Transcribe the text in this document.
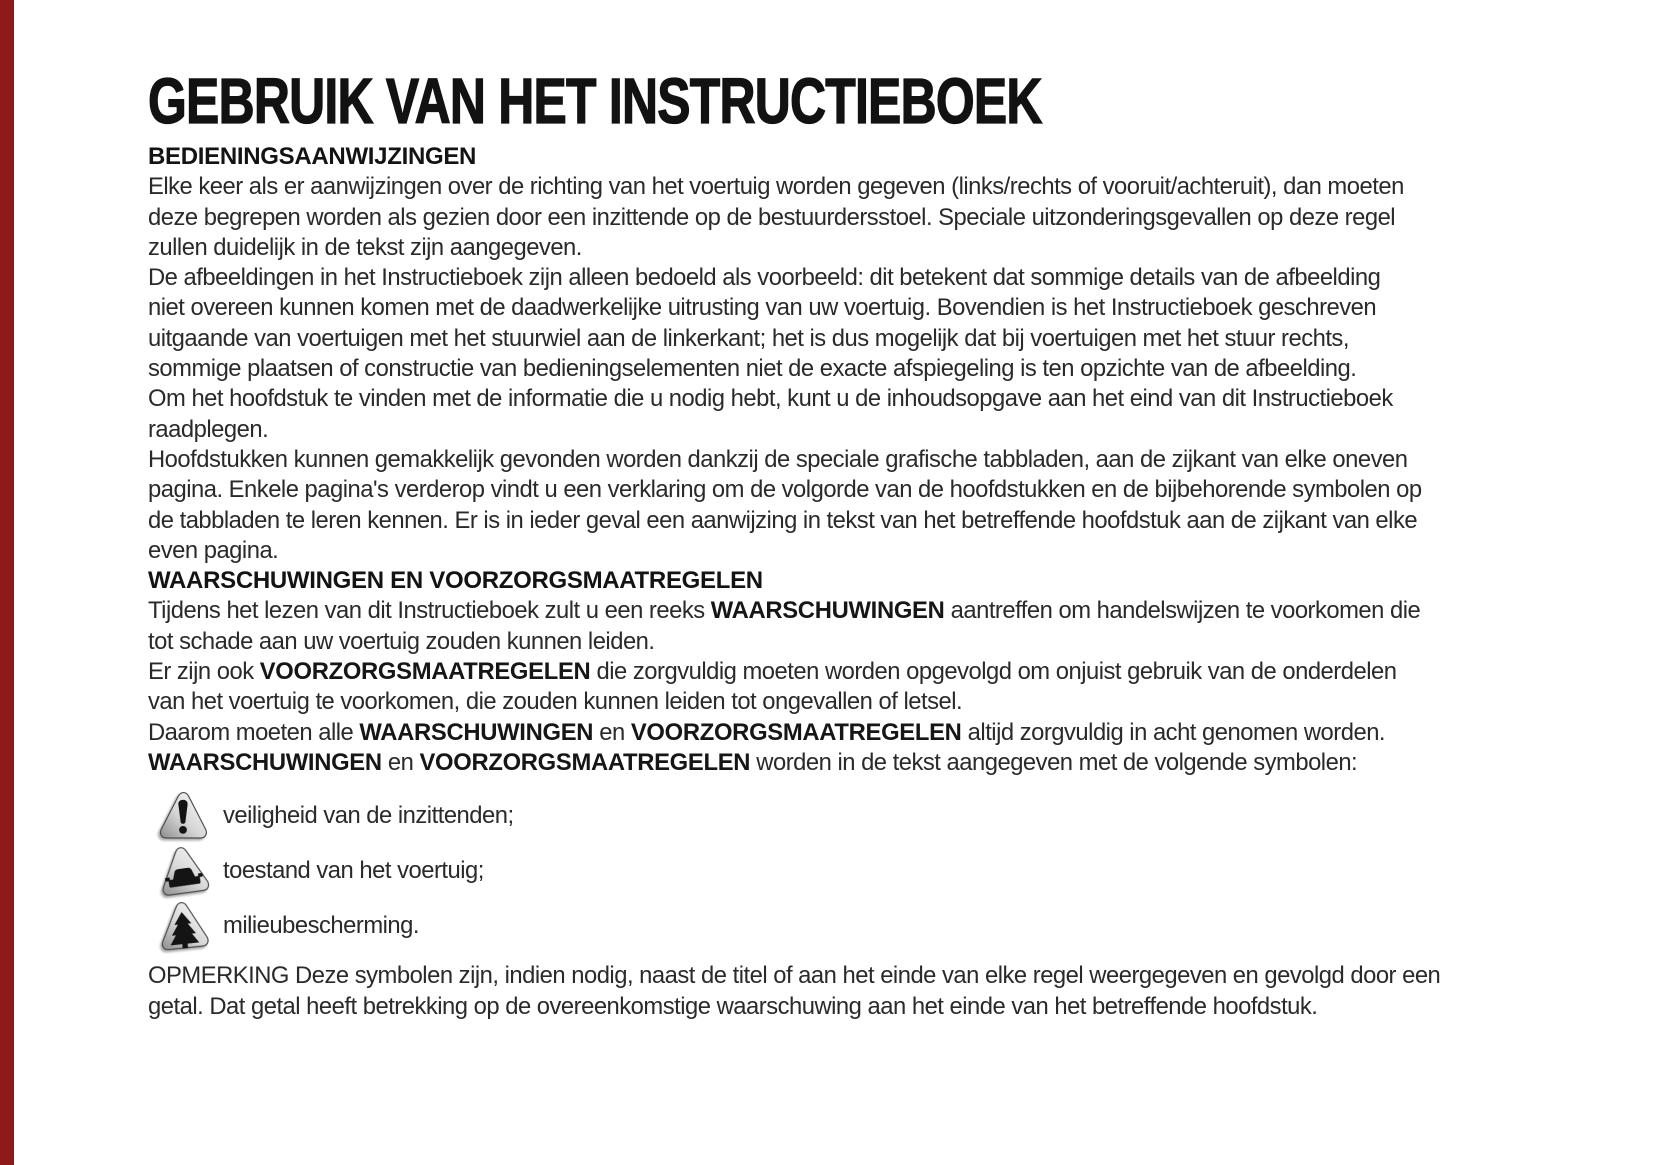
GEBRUIK VAN HET INSTRUCTIEBOEK
BEDIENINGSAANWIJZINGEN
Elke keer als er aanwijzingen over de richting van het voertuig worden gegeven (links/rechts of vooruit/achteruit), dan moeten
deze begrepen worden als gezien door een inzittende op de bestuurdersstoel. Speciale uitzonderingsgevallen op deze regel
zullen duidelijk in de tekst zijn aangegeven.
De afbeeldingen in het Instructieboek zijn alleen bedoeld als voorbeeld: dit betekent dat sommige details van de afbeelding
niet overeen kunnen komen met de daadwerkelijke uitrusting van uw voertuig. Bovendien is het Instructieboek geschreven
uitgaande van voertuigen met het stuurwiel aan de linkerkant; het is dus mogelijk dat bij voertuigen met het stuur rechts,
sommige plaatsen of constructie van bedieningselementen niet de exacte afspiegeling is ten opzichte van de afbeelding.
Om het hoofdstuk te vinden met de informatie die u nodig hebt, kunt u de inhoudsopgave aan het eind van dit Instructieboek
raadplegen.
Hoofdstukken kunnen gemakkelijk gevonden worden dankzij de speciale grafische tabbladen, aan de zijkant van elke oneven
pagina. Enkele pagina's verderop vindt u een verklaring om de volgorde van de hoofdstukken en de bijbehorende symbolen op
de tabbladen te leren kennen. Er is in ieder geval een aanwijzing in tekst van het betreffende hoofdstuk aan de zijkant van elke
even pagina.
WAARSCHUWINGEN EN VOORZORGSMAATREGELEN
Tijdens het lezen van dit Instructieboek zult u een reeks WAARSCHUWINGEN aantreffen om handelswijzen te voorkomen die
tot schade aan uw voertuig zouden kunnen leiden.
Er zijn ook VOORZORGSMAATREGELEN die zorgvuldig moeten worden opgevolgd om onjuist gebruik van de onderdelen
van het voertuig te voorkomen, die zouden kunnen leiden tot ongevallen of letsel.
Daarom moeten alle WAARSCHUWINGEN en VOORZORGSMAATREGELEN altijd zorgvuldig in acht genomen worden.
WAARSCHUWINGEN en VOORZORGSMAATREGELEN worden in de tekst aangegeven met de volgende symbolen:
veiligheid van de inzittenden;
toestand van het voertuig;
milieubescherming.
OPMERKING Deze symbolen zijn, indien nodig, naast de titel of aan het einde van elke regel weergegeven en gevolgd door een
getal. Dat getal heeft betrekking op de overeenkomstige waarschuwing aan het einde van het betreffende hoofdstuk.
